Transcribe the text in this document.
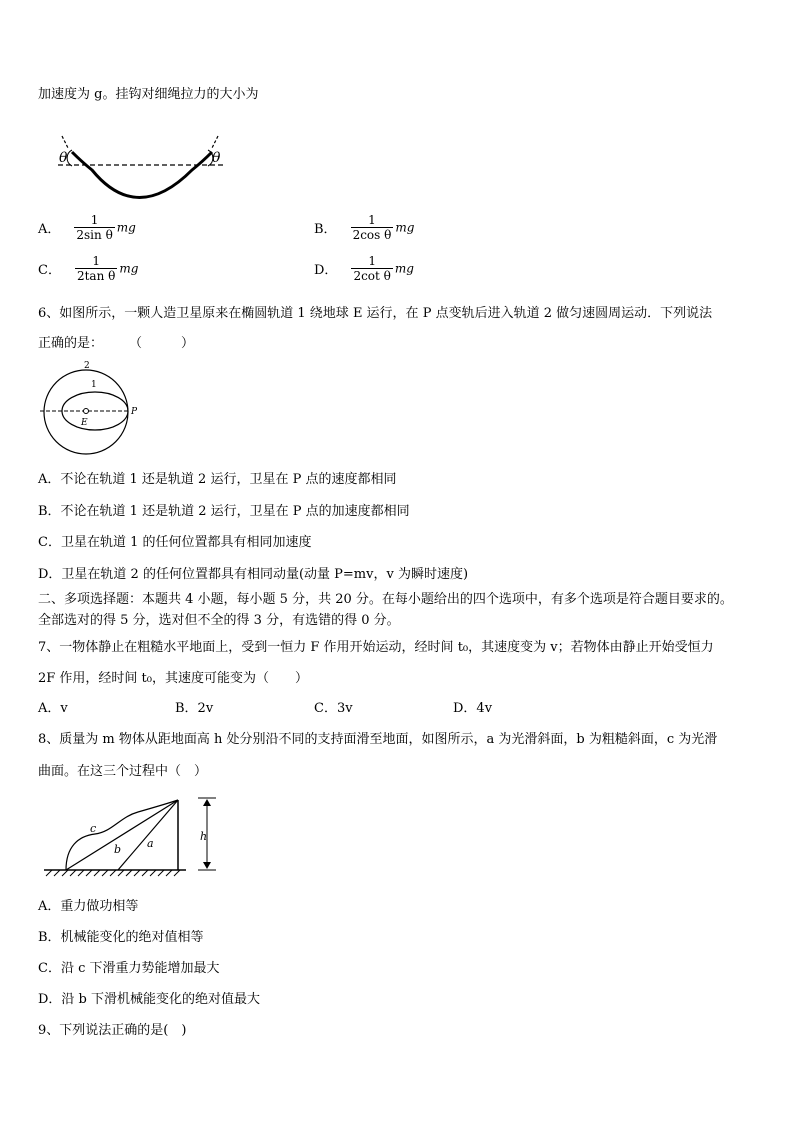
加速度为 g。挂钩对细绳拉力的大小为
θ	θ
A． $\frac{1}{\text{2sin θ}}$ mg	B． $\frac{1}{\text{2cos θ}}$ mg
C． $\frac{1}{\text{2tan θ}}$ mg	D． $\frac{1}{\text{2cot θ}}$ mg
6、如图所示，一颗人造卫星原来在椭圆轨道 1 绕地球 E 运行，在 P 点变轨后进入轨道 2 做匀速圆周运动．下列说法
正确的是：　　　（　　　）
2
1
E
P
A．不论在轨道 1 还是轨道 2 运行，卫星在 P 点的速度都相同
B．不论在轨道 1 还是轨道 2 运行，卫星在 P 点的加速度都相同
C．卫星在轨道 1 的任何位置都具有相同加速度
D．卫星在轨道 2 的任何位置都具有相同动量(动量 P=mv，v 为瞬时速度)
二、多项选择题：本题共 4 小题，每小题 5 分，共 20 分。在每小题给出的四个选项中，有多个选项是符合题目要求的。
全部选对的得 5 分，选对但不全的得 3 分，有选错的得 0 分。
7、一物体静止在粗糙水平地面上，受到一恒力 F 作用开始运动，经时间 t₀，其速度变为 v；若物体由静止开始受恒力
2F 作用，经时间 t₀，其速度可能变为（　　）
A．v	B．2v	C．3v	D．4v
8、质量为 m 物体从距地面高 h 处分别沿不同的支持面滑至地面，如图所示，a 为光滑斜面，b 为粗糙斜面，c 为光滑
曲面。在这三个过程中（　）
a
b
c
h
A．重力做功相等
B．机械能变化的绝对值相等
C．沿 c 下滑重力势能增加最大
D．沿 b 下滑机械能变化的绝对值最大
9、下列说法正确的是(　)
